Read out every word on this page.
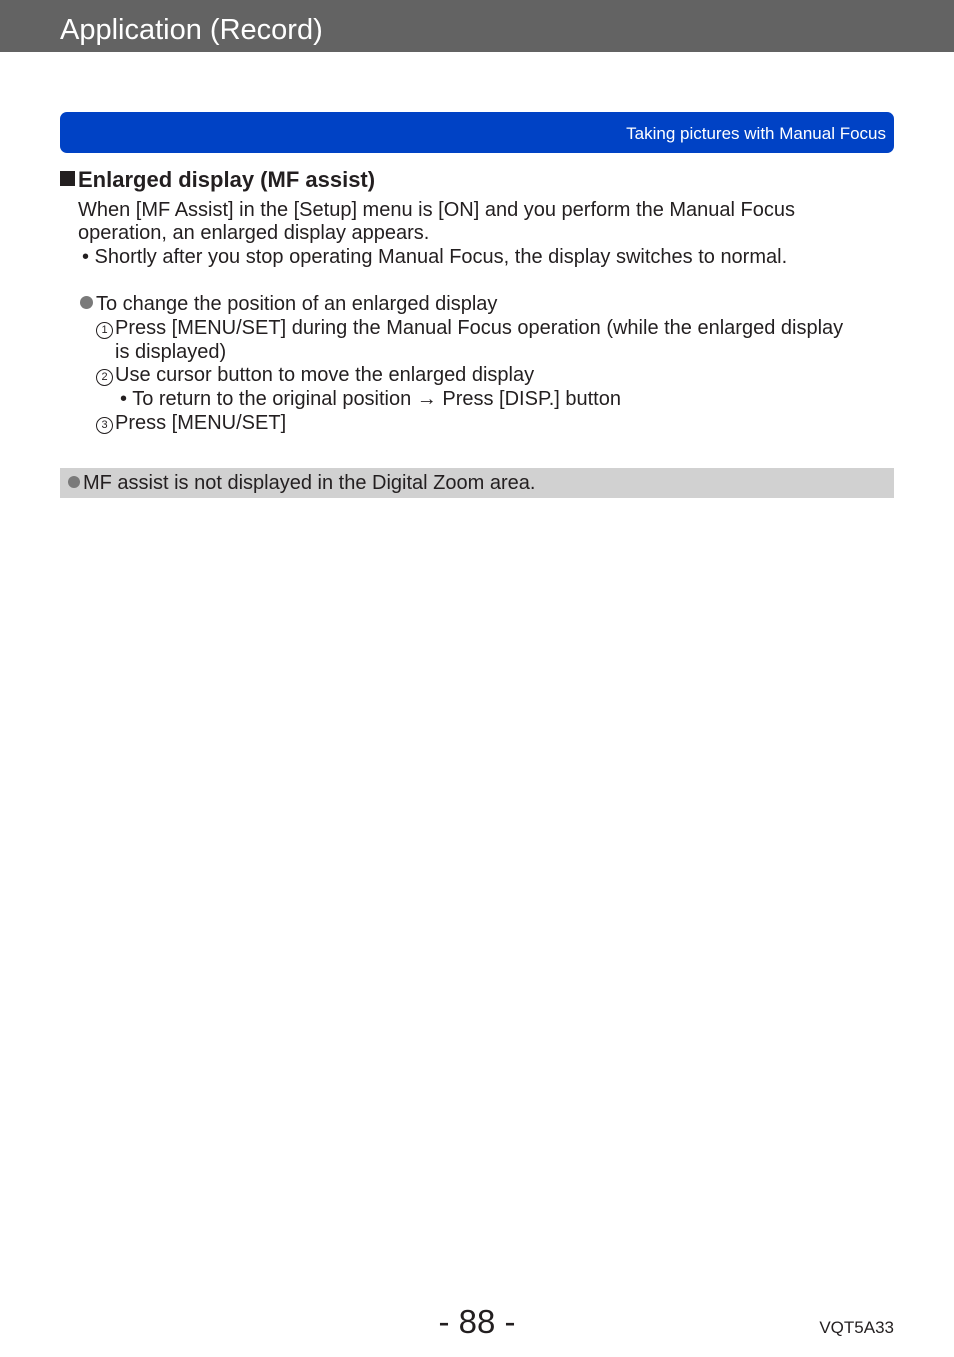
Application (Record)
Taking pictures with Manual Focus
Enlarged display (MF assist)
When [MF Assist] in the [Setup] menu is [ON] and you perform the Manual Focus
operation, an enlarged display appears.
• Shortly after you stop operating Manual Focus, the display switches to normal.
To change the position of an enlarged display
1 Press [MENU/SET] during the Manual Focus operation (while the enlarged display
is displayed)
2 Use cursor button to move the enlarged display
• To return to the original position → Press [DISP.] button
3 Press [MENU/SET]
MF assist is not displayed in the Digital Zoom area.
- 88 -	VQT5A33
